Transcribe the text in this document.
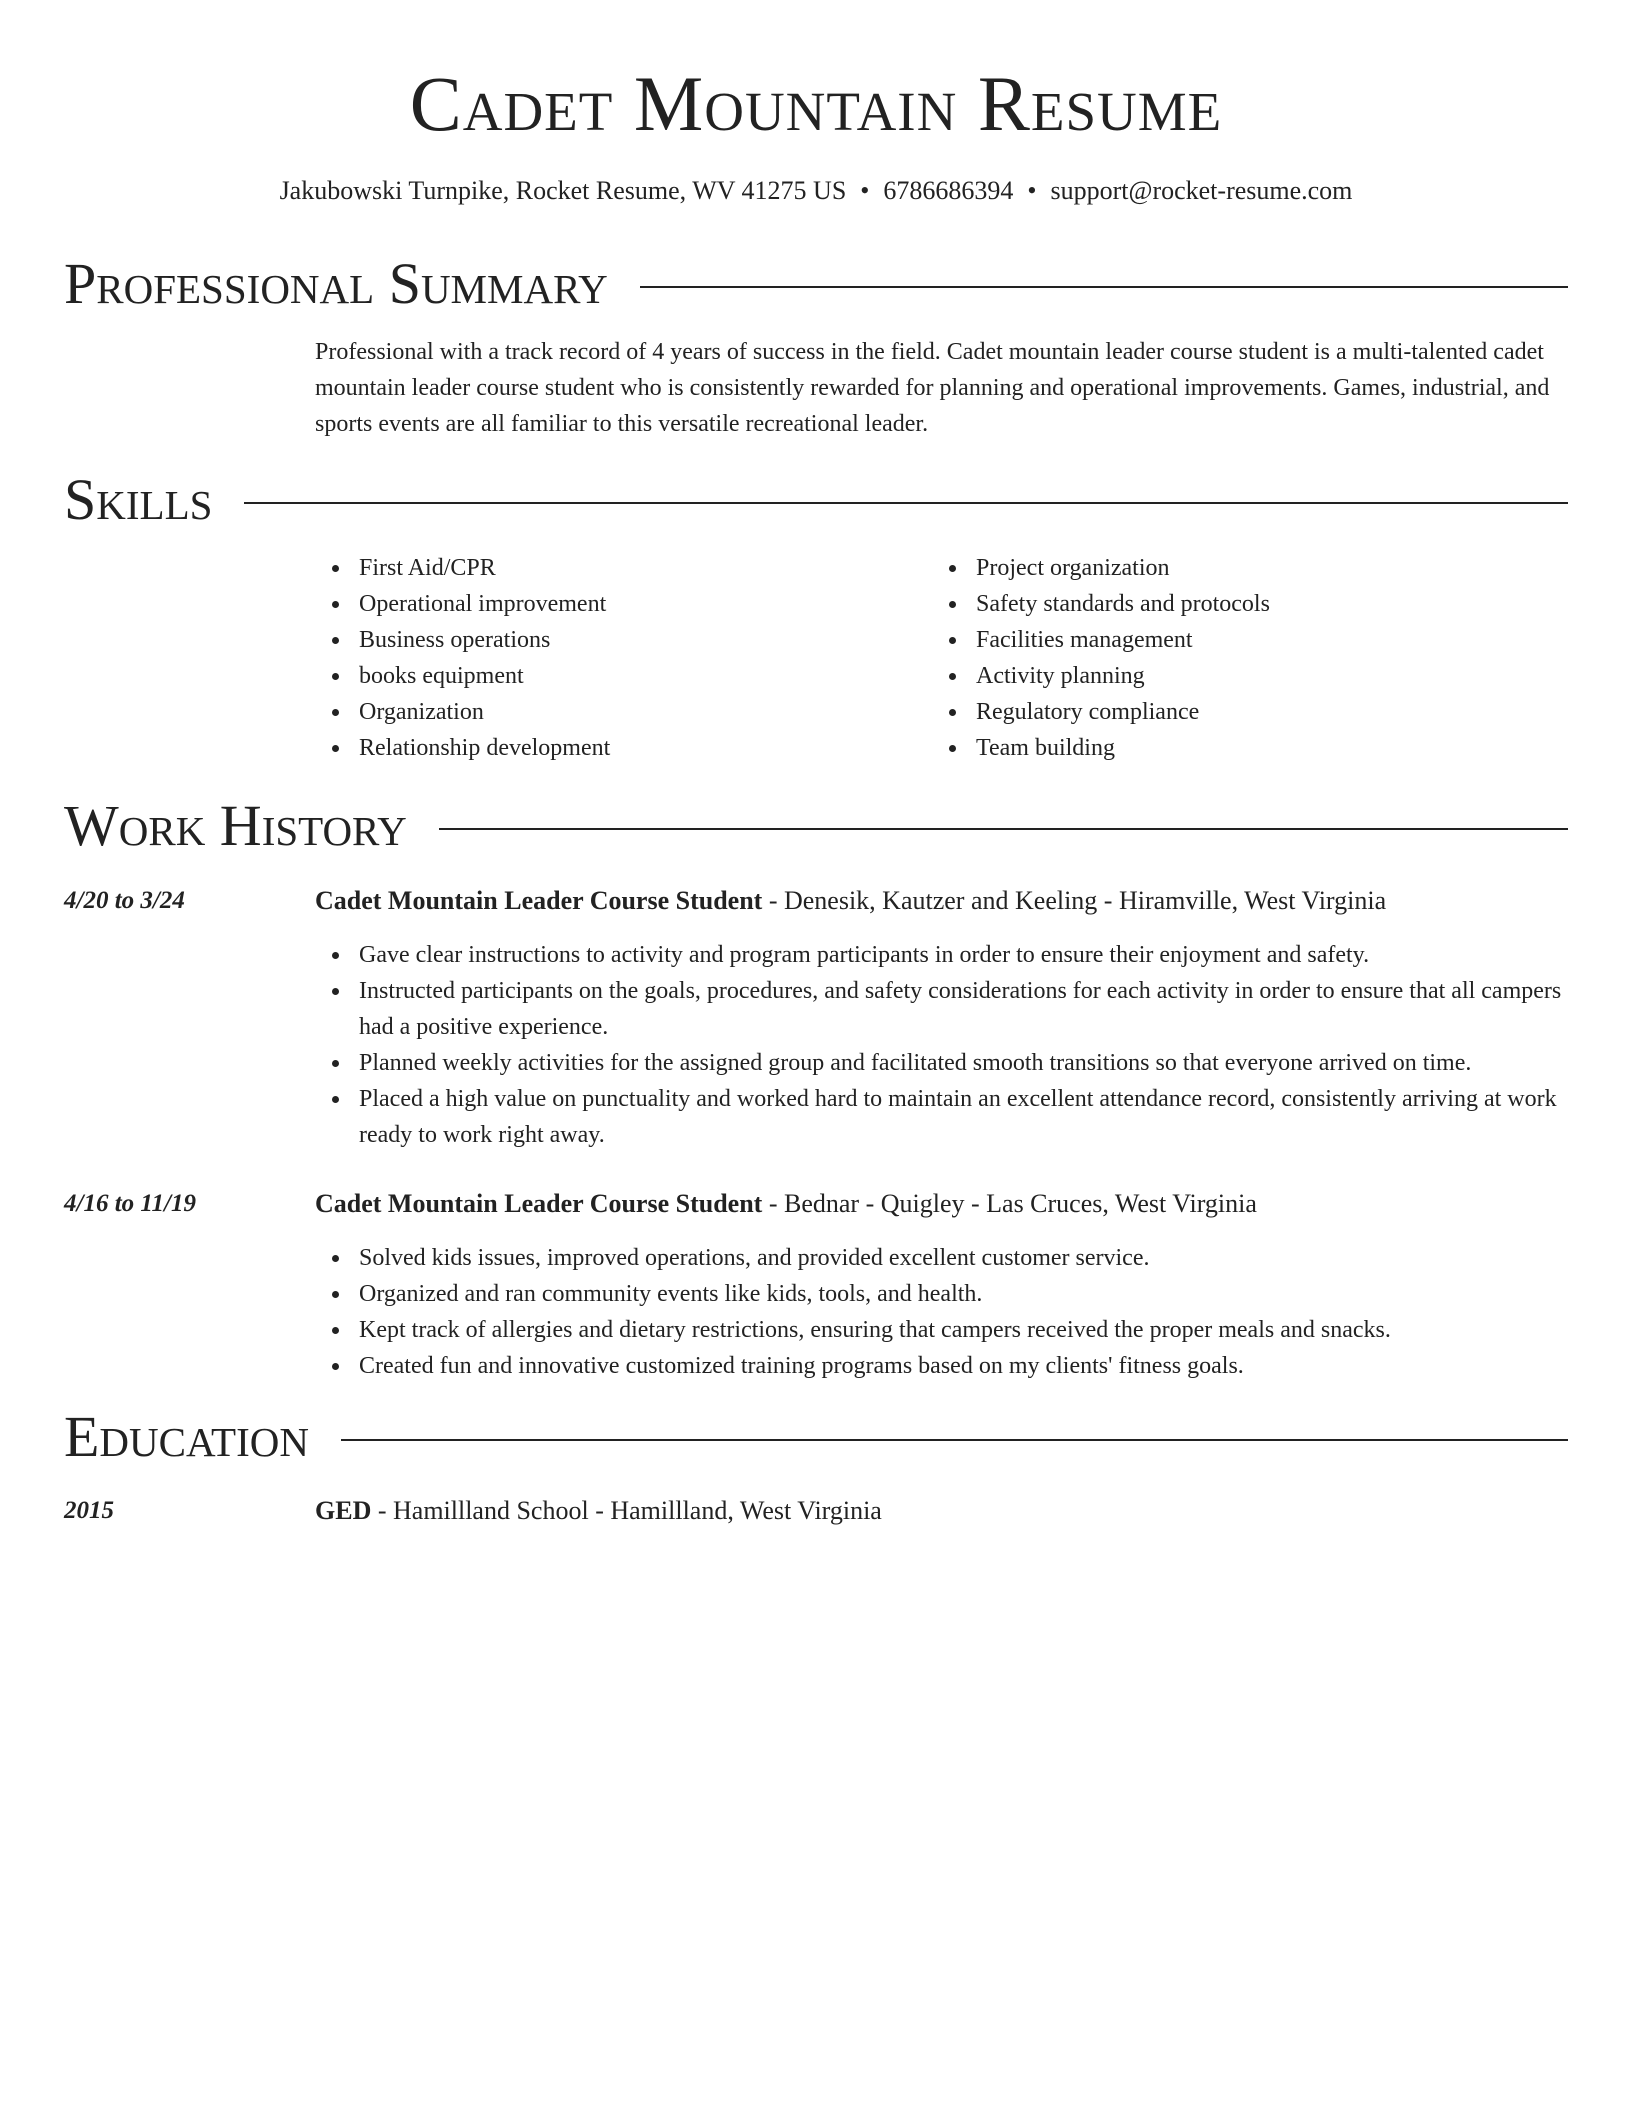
Cadet Mountain Resume

Jakubowski Turnpike, Rocket Resume, WV 41275 US • 6786686394 • support@rocket-resume.com

Professional Summary
Professional with a track record of 4 years of success in the field. Cadet mountain leader course student is a multi-talented cadet mountain leader course student who is consistently rewarded for planning and operational improvements. Games, industrial, and sports events are all familiar to this versatile recreational leader.
Skills
First Aid/CPR
Operational improvement
Business operations
books equipment
Organization
Relationship development
Project organization
Safety standards and protocols
Facilities management
Activity planning
Regulatory compliance
Team building
Work History
4/20 to 3/24	Cadet Mountain Leader Course Student - Denesik, Kautzer and Keeling - Hiramville, West Virginia
Gave clear instructions to activity and program participants in order to ensure their enjoyment and safety.
Instructed participants on the goals, procedures, and safety considerations for each activity in order to ensure that all campers had a positive experience.
Planned weekly activities for the assigned group and facilitated smooth transitions so that everyone arrived on time.
Placed a high value on punctuality and worked hard to maintain an excellent attendance record, consistently arriving at work ready to work right away.
4/16 to 11/19	Cadet Mountain Leader Course Student - Bednar - Quigley - Las Cruces, West Virginia
Solved kids issues, improved operations, and provided excellent customer service.
Organized and ran community events like kids, tools, and health.
Kept track of allergies and dietary restrictions, ensuring that campers received the proper meals and snacks.
Created fun and innovative customized training programs based on my clients' fitness goals.
Education
2015	GED - Hamillland School - Hamillland, West Virginia
